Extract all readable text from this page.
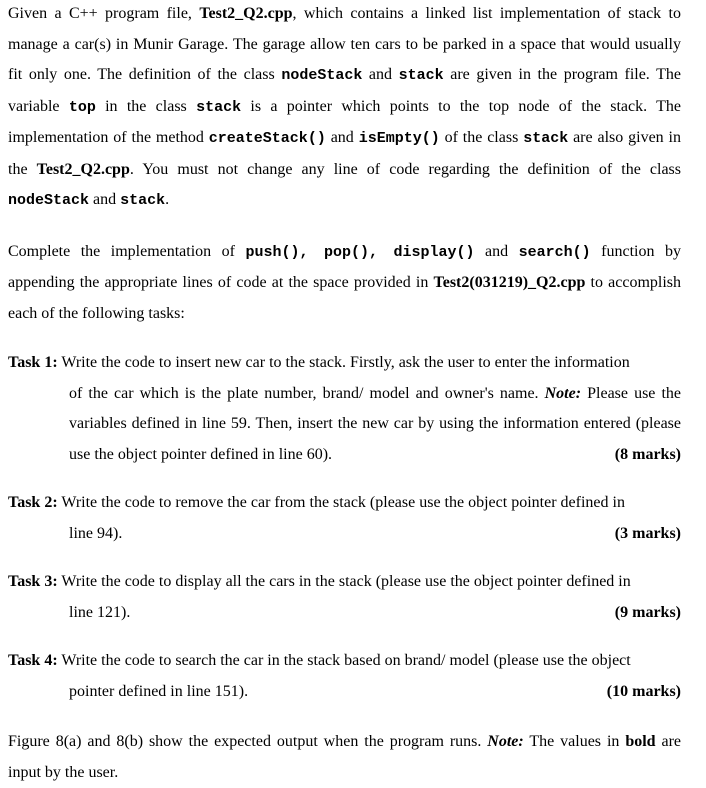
Given a C++ program file, Test2_Q2.cpp, which contains a linked list implementation of stack to manage a car(s) in Munir Garage. The garage allow ten cars to be parked in a space that would usually fit only one. The definition of the class nodeStack and stack are given in the program file. The variable top in the class stack is a pointer which points to the top node of the stack. The implementation of the method createStack() and isEmpty() of the class stack are also given in the Test2_Q2.cpp. You must not change any line of code regarding the definition of the class nodeStack and stack.

Complete the implementation of push(), pop(), display() and search() function by appending the appropriate lines of code at the space provided in Test2(031219)_Q2.cpp to accomplish each of the following tasks:

Task 1: Write the code to insert new car to the stack. Firstly, ask the user to enter the information
of the car which is the plate number, brand/ model and owner's name. Note: Please use the variables defined in line 59. Then, insert the new car by using the information entered (please use the object pointer defined in line 60).	(8 marks)
Task 2: Write the code to remove the car from the stack (please use the object pointer defined in
line 94).	(3 marks)
Task 3: Write the code to display all the cars in the stack (please use the object pointer defined in
line 121).	(9 marks)
Task 4: Write the code to search the car in the stack based on brand/ model (please use the object
pointer defined in line 151).	(10 marks)

Figure 8(a) and 8(b) show the expected output when the program runs. Note: The values in bold are input by the user.
